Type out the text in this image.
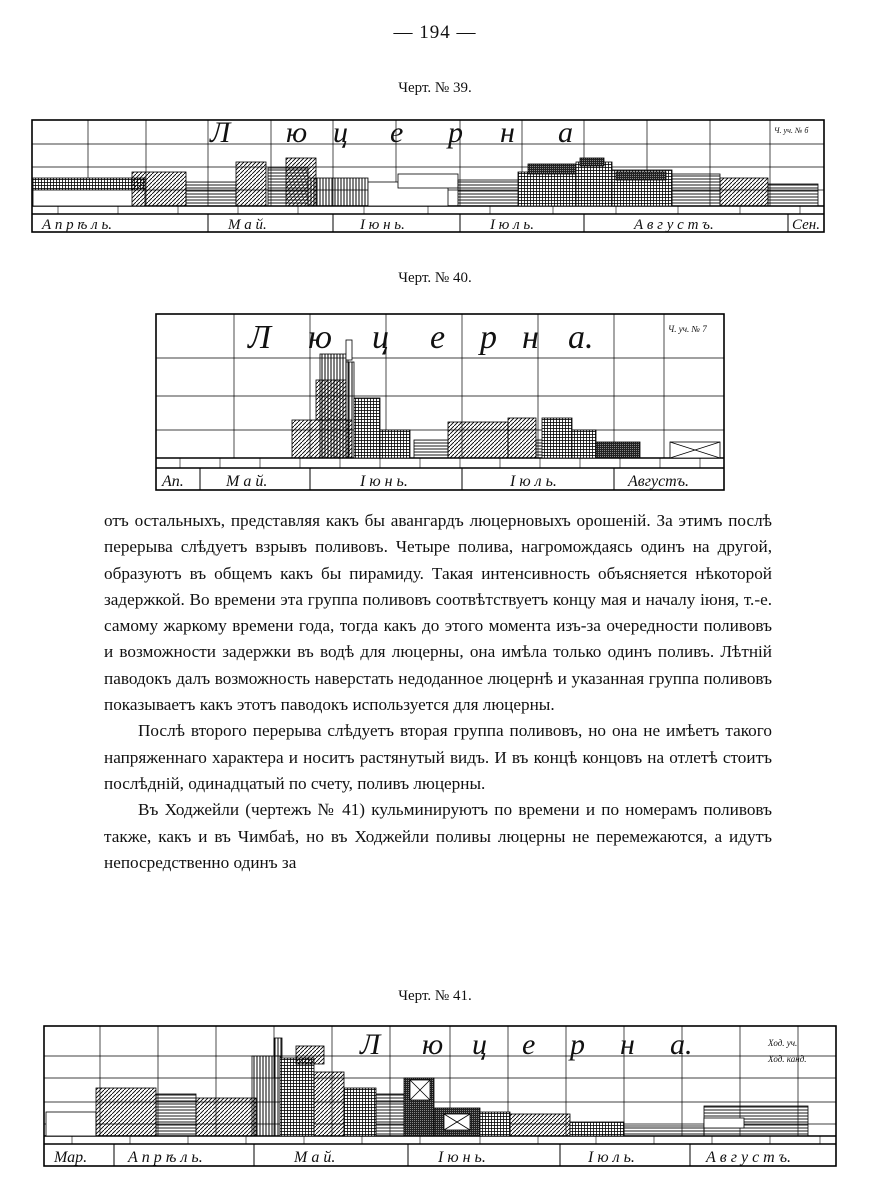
— 194 —
Черт. № 39.
Л ю ц е р н а	Ч. уч. № б
А п р ѣ л ь.	М а й.	І ю н ь.	І ю л ь.	А в г у с т ъ.	Сен.
Черт. № 40.
Л ю ц е р н а.	Ч. уч. № 7
Ап.	М а й.	І ю н ь.	І ю л ь.	Августъ.

отъ остальныхъ, представляя какъ бы авангардъ люцерновыхъ орошеній. За этимъ послѣ перерыва слѣдуетъ взрывъ поливовъ. Четыре полива, нагромождаясь одинъ на другой, образуютъ въ общемъ какъ бы пирамиду. Такая интенсивность объясняется нѣкоторой задержкой. Во времени эта группа поливовъ соотвѣтствуетъ концу мая и началу іюня, т.-е. самому жаркому времени года, тогда какъ до этого момента изъ-за очередности поливовъ и возможности задержки въ водѣ для люцерны, она имѣла только одинъ поливъ. Лѣтній паводокъ далъ возможность наверстать недоданное люцернѣ и указанная группа поливовъ показываетъ какъ этотъ паводокъ используется для люцерны.

Послѣ второго перерыва слѣдуетъ вторая группа поливовъ, но она не имѣетъ такого напряженнаго характера и носитъ растянутый видъ. И въ концѣ концовъ на отлетѣ стоитъ послѣдній, одинадцатый по счету, поливъ люцерны.

Въ Ходжейли (чертежъ № 41) кульминируютъ по времени и по номерамъ поливовъ также, какъ и въ Чимбаѣ, но въ Ходжейли поливы люцерны не перемежаются, а идутъ непосредственно одинъ за

Черт. № 41.
Л ю ц е р н а.	Ход. уч.
Ход. канд.
Мар.	А п р ѣ л ь.	М а й.	І ю н ь.	І ю л ь.	А в г у с т ъ.
